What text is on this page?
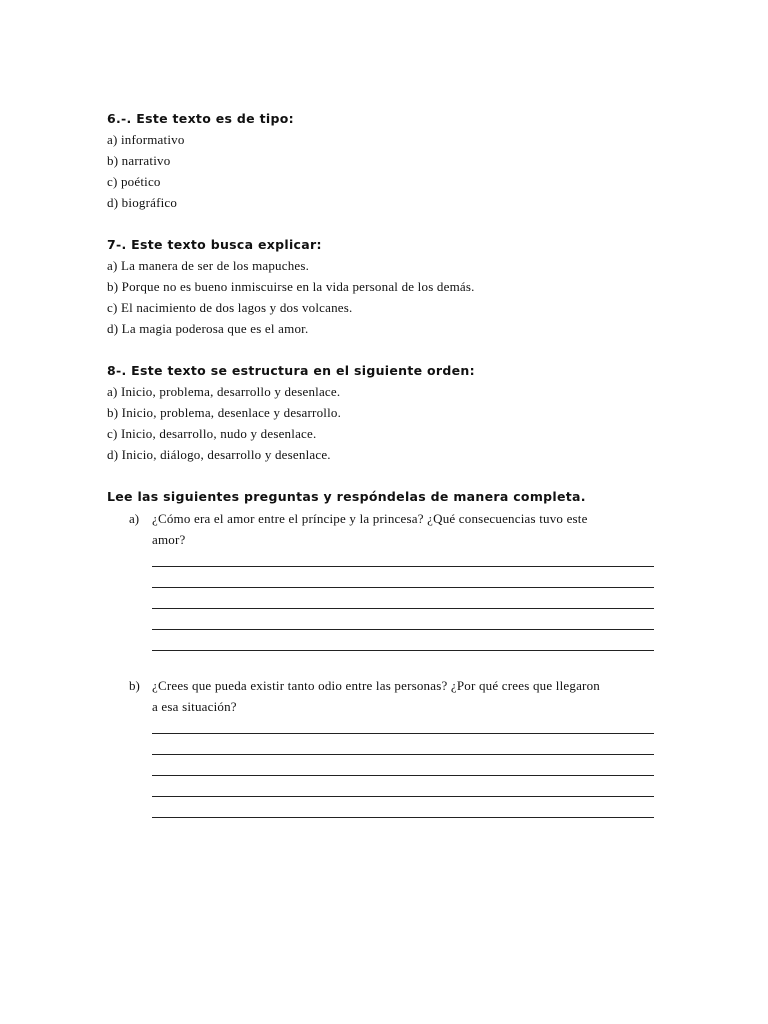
6.-. Este texto es de tipo:
a) informativo
b) narrativo
c) poético
d) biográfico
7-. Este texto busca explicar:
a) La manera de ser de los mapuches.
b) Porque no es bueno inmiscuirse en la vida personal de los demás.
c) El nacimiento de dos lagos y dos volcanes.
d) La magia poderosa que es el amor.
8-. Este texto se estructura en el siguiente orden:
a) Inicio, problema, desarrollo y desenlace.
b) Inicio, problema, desenlace y desarrollo.
c) Inicio, desarrollo, nudo y desenlace.
d) Inicio, diálogo, desarrollo y desenlace.
Lee las siguientes preguntas y respóndelas de manera completa.
a) ¿Cómo era el amor entre el príncipe y la princesa? ¿Qué consecuencias tuvo este
amor?
b) ¿Crees que pueda existir tanto odio entre las personas? ¿Por qué crees que llegaron
a esa situación?
